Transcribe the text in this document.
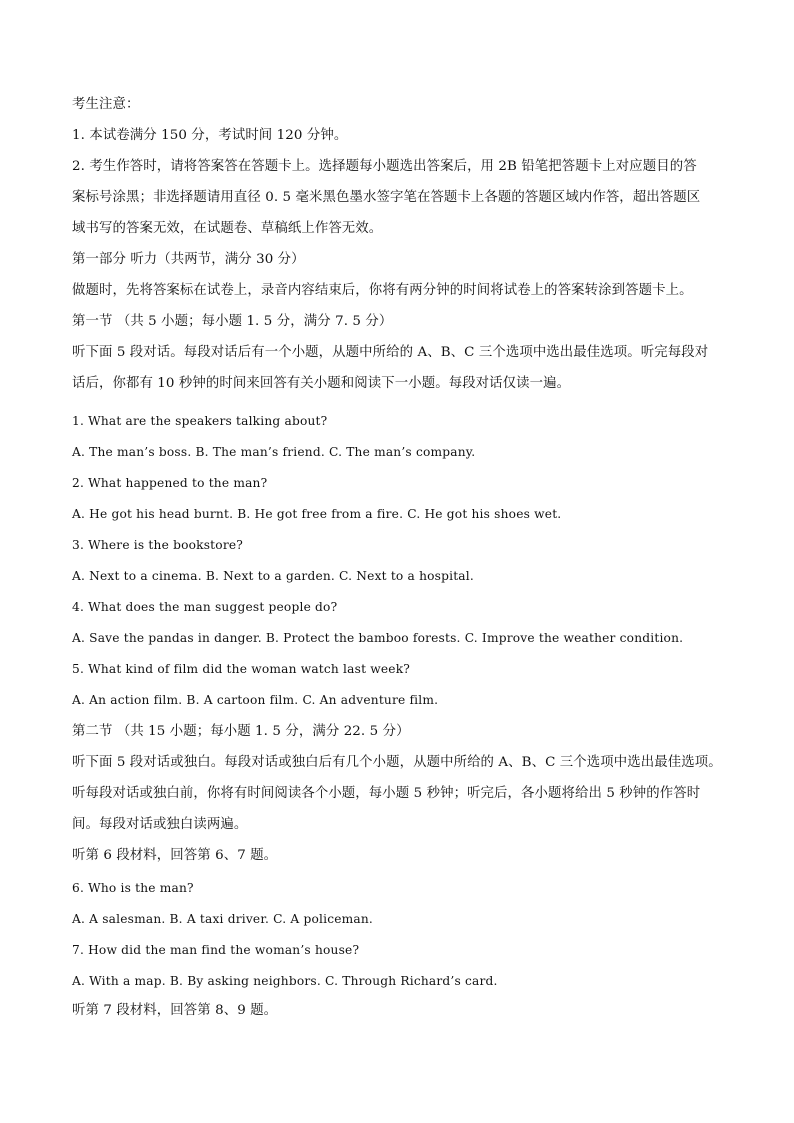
考生注意：
1. 本试卷满分 150 分，考试时间 120 分钟。
2. 考生作答时，请将答案答在答题卡上。选择题每小题选出答案后，用 2B 铅笔把答题卡上对应题目的答
案标号涂黑；非选择题请用直径 0. 5 毫米黑色墨水签字笔在答题卡上各题的答题区域内作答，超出答题区
域书写的答案无效，在试题卷、草稿纸上作答无效。
第一部分 听力（共两节，满分 30 分）
做题时，先将答案标在试卷上，录音内容结束后，你将有两分钟的时间将试卷上的答案转涂到答题卡上。
第一节 （共 5 小题；每小题 1. 5 分，满分 7. 5 分）
听下面 5 段对话。每段对话后有一个小题，从题中所给的 A、B、C 三个选项中选出最佳选项。听完每段对
话后，你都有 10 秒钟的时间来回答有关小题和阅读下一小题。每段对话仅读一遍。
1. What are the speakers talking about?
A. The man’s boss. B. The man’s friend. C. The man’s company.
2. What happened to the man?
A. He got his head burnt. B. He got free from a fire. C. He got his shoes wet.
3. Where is the bookstore?
A. Next to a cinema. B. Next to a garden. C. Next to a hospital.
4. What does the man suggest people do?
A. Save the pandas in danger. B. Protect the bamboo forests. C. Improve the weather condition.
5. What kind of film did the woman watch last week?
A. An action film. B. A cartoon film. C. An adventure film.
第二节 （共 15 小题；每小题 1. 5 分，满分 22. 5 分）
听下面 5 段对话或独白。每段对话或独白后有几个小题，从题中所给的 A、B、C 三个选项中选出最佳选项。
听每段对话或独白前，你将有时间阅读各个小题，每小题 5 秒钟；听完后，各小题将给出 5 秒钟的作答时
间。每段对话或独白读两遍。
听第 6 段材料，回答第 6、7 题。
6. Who is the man?
A. A salesman. B. A taxi driver. C. A policeman.
7. How did the man find the woman’s house?
A. With a map. B. By asking neighbors. C. Through Richard’s card.
听第 7 段材料，回答第 8、9 题。
